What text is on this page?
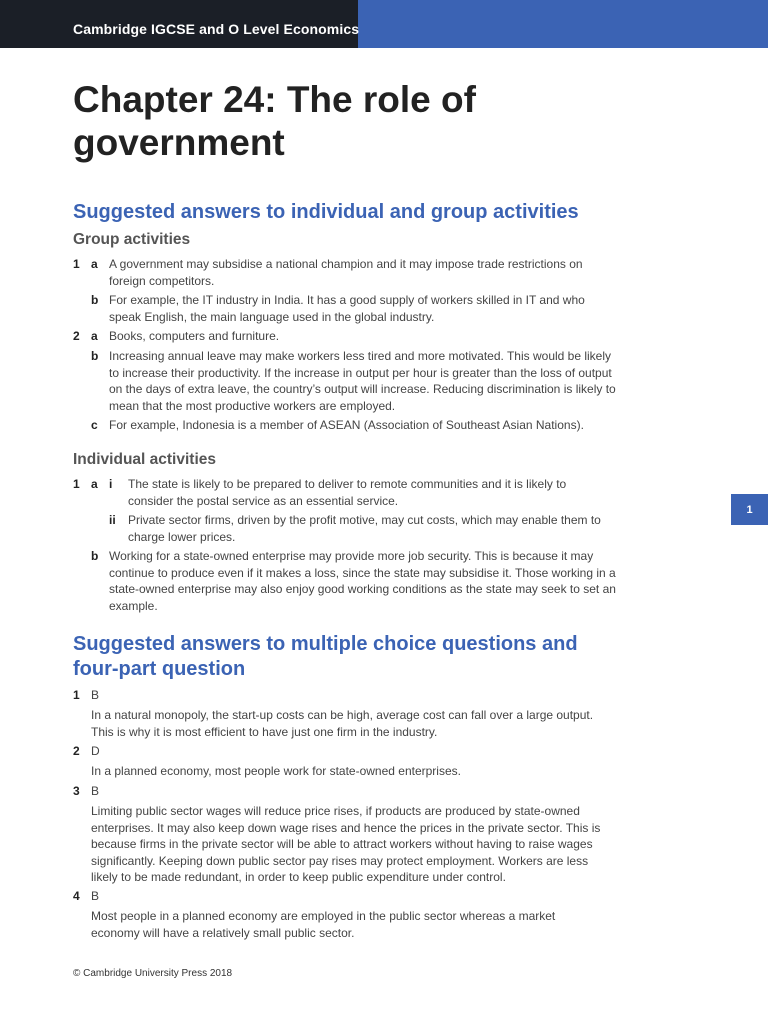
Cambridge IGCSE and O Level Economics
Chapter 24: The role of government
Suggested answers to individual and group activities
Group activities
1 a A government may subsidise a national champion and it may impose trade restrictions on foreign competitors.

b For example, the IT industry in India. It has a good supply of workers skilled in IT and who speak English, the main language used in the global industry.

2 a Books, computers and furniture.

b Increasing annual leave may make workers less tired and more motivated. This would be likely to increase their productivity. If the increase in output per hour is greater than the loss of output on the days of extra leave, the country’s output will increase. Reducing discrimination is likely to mean that the most productive workers are employed.

c For example, Indonesia is a member of ASEAN (Association of Southeast Asian Nations).

Individual activities
1 a i The state is likely to be prepared to deliver to remote communities and it is likely to consider the postal service as an essential service.

ii Private sector firms, driven by the profit motive, may cut costs, which may enable them to charge lower prices.

b Working for a state-owned enterprise may provide more job security. This is because it may continue to produce even if it makes a loss, since the state may subsidise it. Those working in a state-owned enterprise may also enjoy good working conditions as the state may seek to set an example.

1
Suggested answers to multiple choice questions and four-part question
1 B

In a natural monopoly, the start-up costs can be high, average cost can fall over a large output. This is why it is most efficient to have just one firm in the industry.

2 D

In a planned economy, most people work for state-owned enterprises.

3 B

Limiting public sector wages will reduce price rises, if products are produced by state-owned enterprises. It may also keep down wage rises and hence the prices in the private sector. This is because firms in the private sector will be able to attract workers without having to raise wages significantly. Keeping down public sector pay rises may protect employment. Workers are less likely to be made redundant, in order to keep public expenditure under control.

4 B

Most people in a planned economy are employed in the public sector whereas a market economy will have a relatively small public sector.

© Cambridge University Press 2018
